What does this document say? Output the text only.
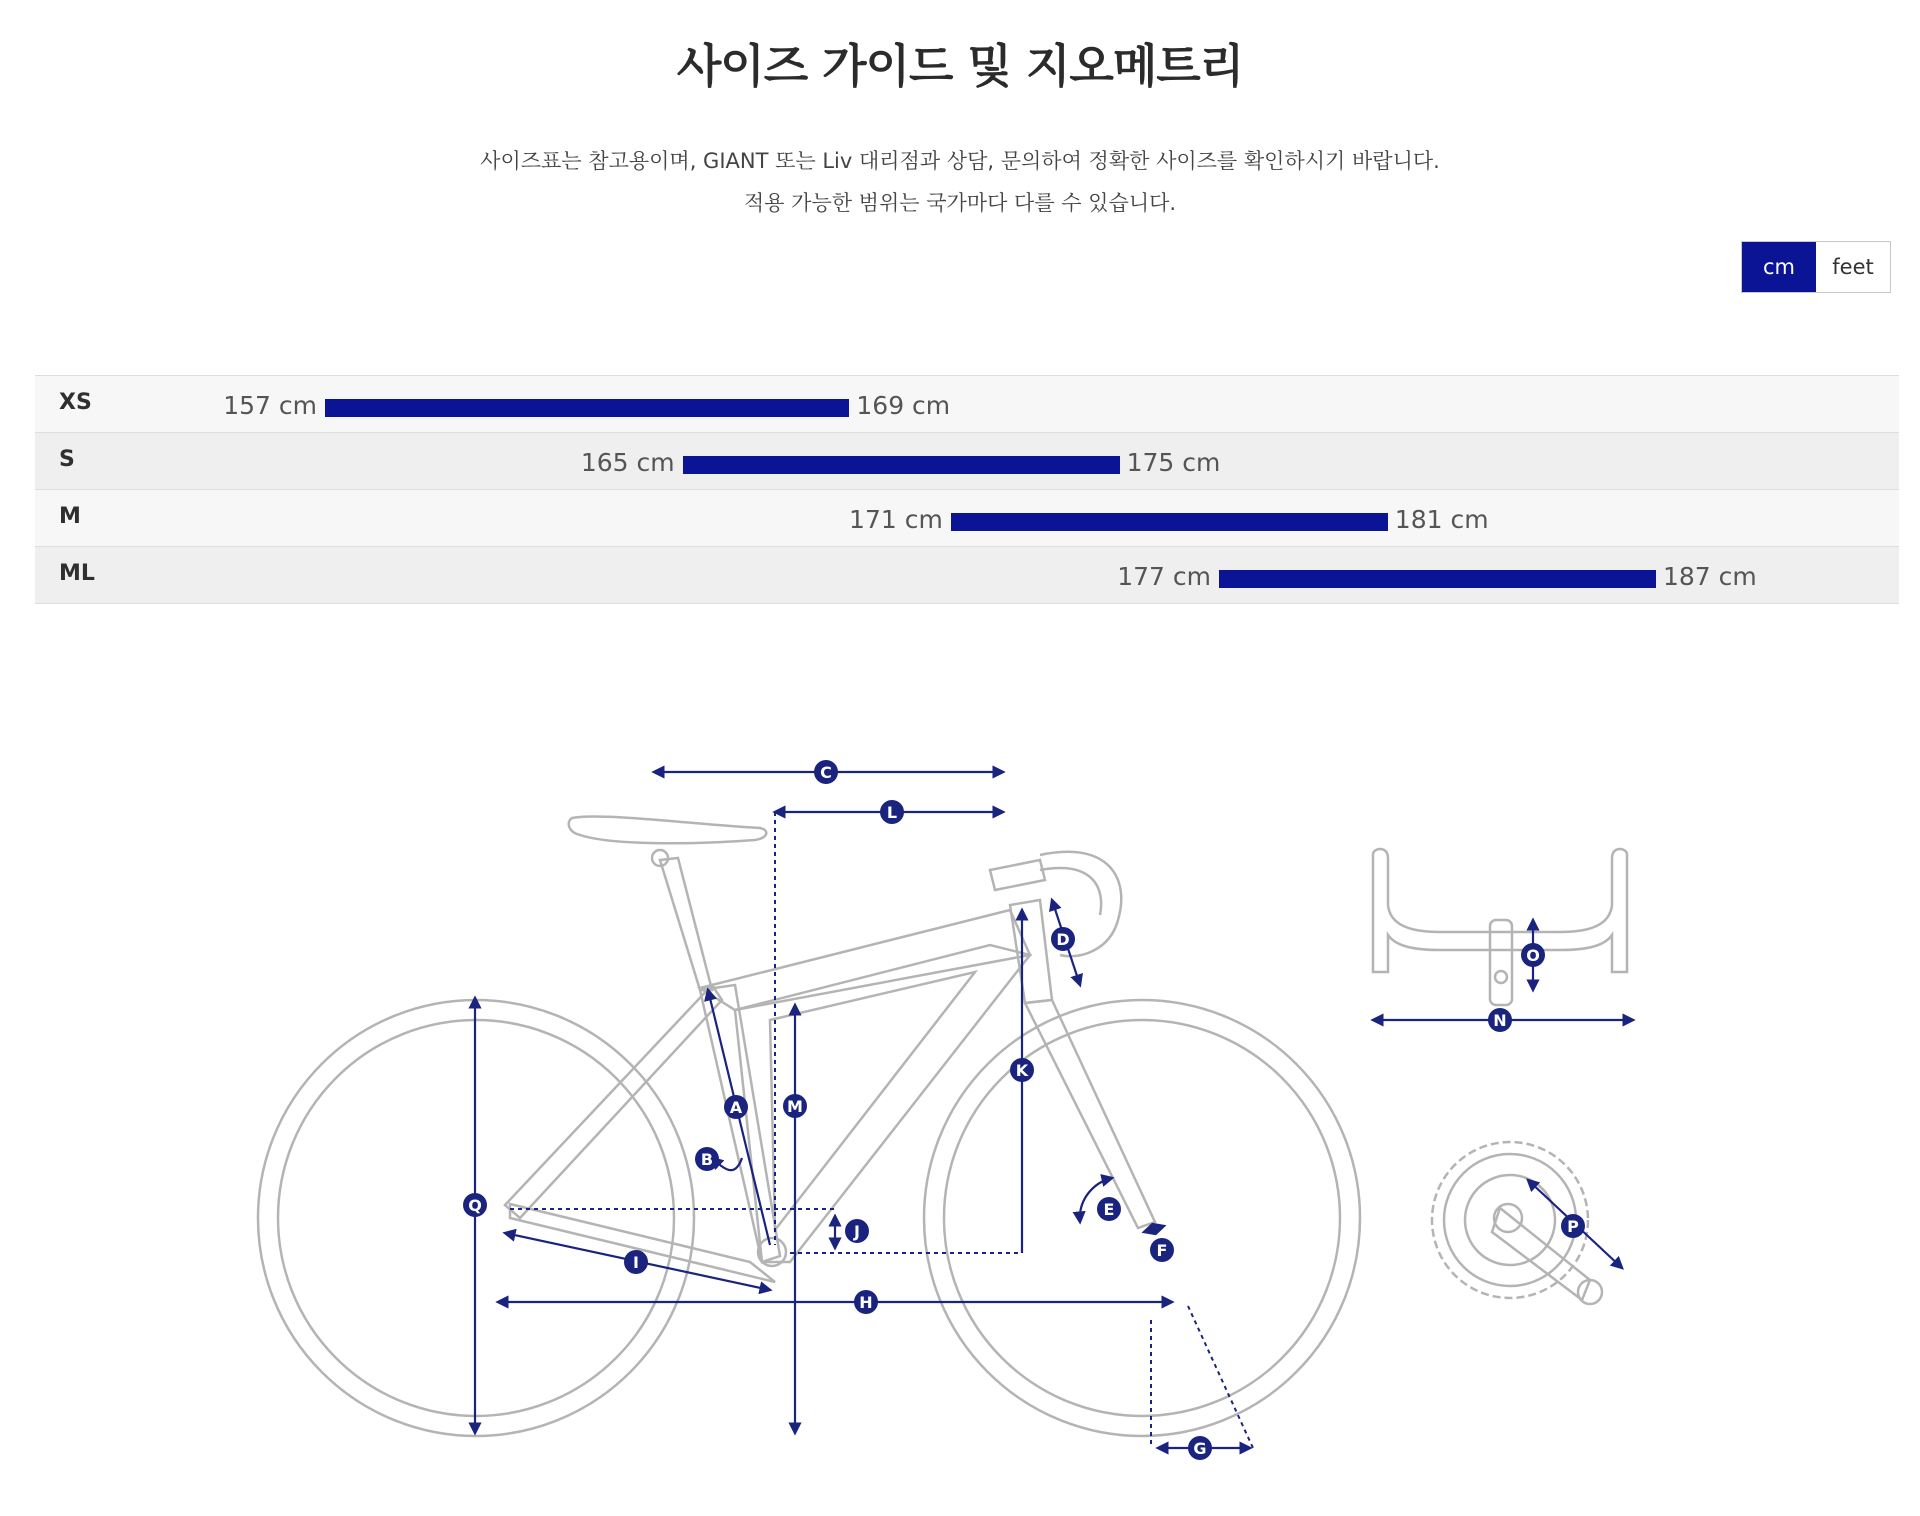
사이즈 가이드 및 지오메트리
사이즈표는 참고용이며, GIANT 또는 Liv 대리점과 상담, 문의하여 정확한 사이즈를 확인하시기 바랍니다.
적용 가능한 범위는 국가마다 다를 수 있습니다.
cm	feet
XS	157 cm	169 cm
S	165 cm	175 cm
M	171 cm	181 cm
ML	177 cm	187 cm
A
B
C
D
E
F
G
H
I
J
K
L
M
N
O
P
Q
